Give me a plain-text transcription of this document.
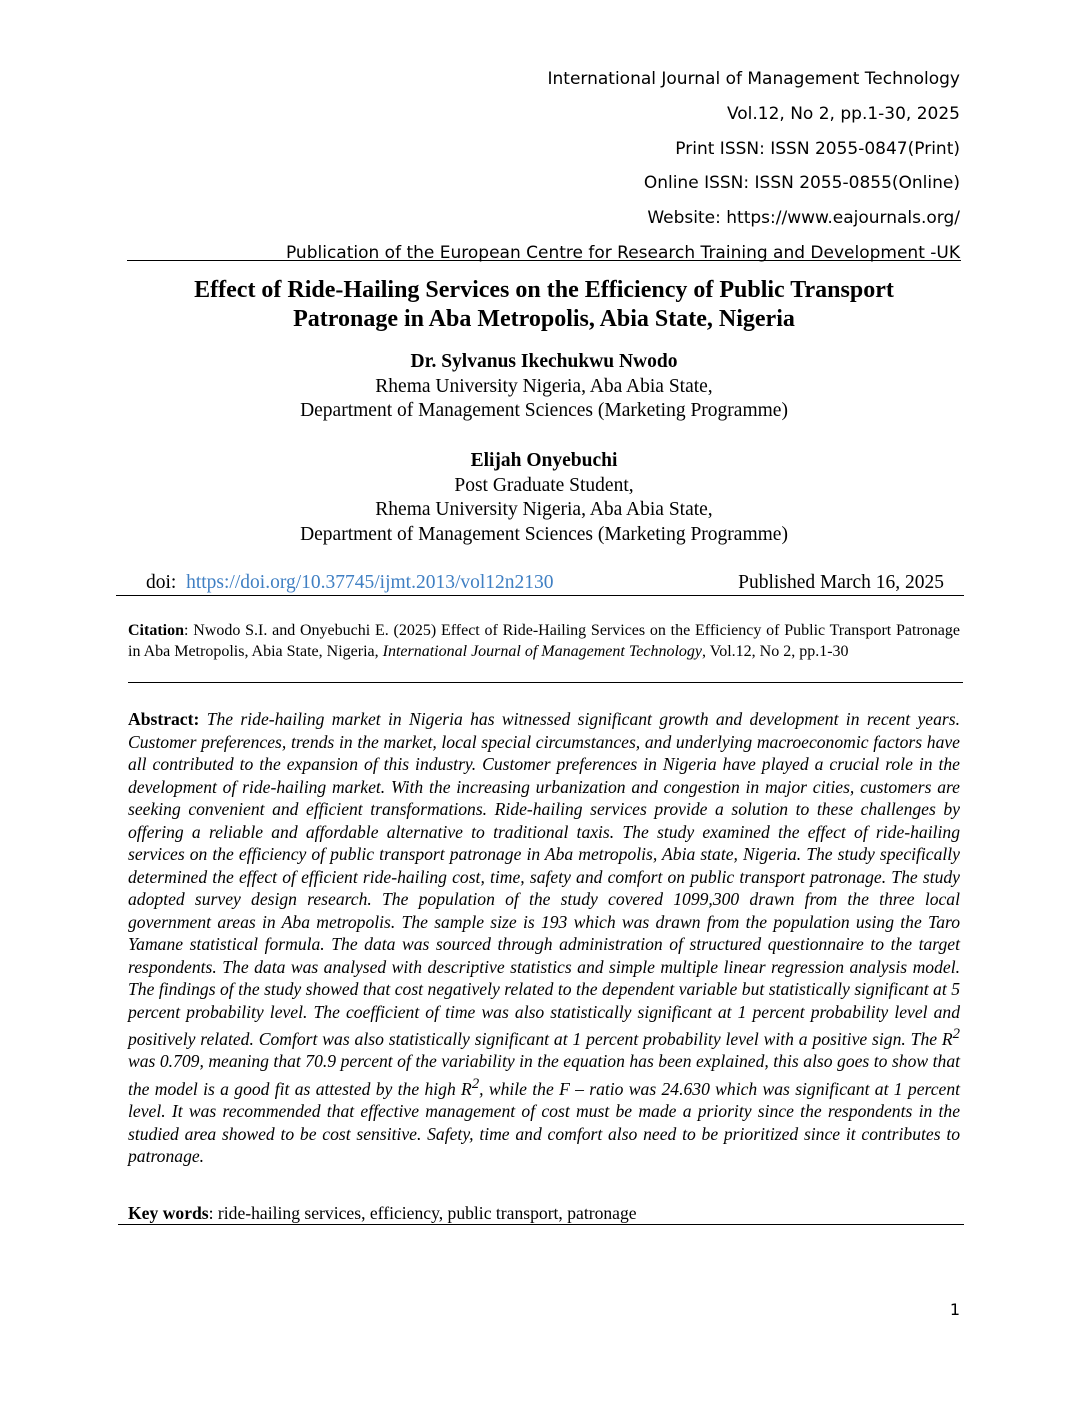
International Journal of Management Technology
Vol.12, No 2, pp.1-30, 2025
Print ISSN: ISSN 2055-0847(Print)
Online ISSN: ISSN 2055-0855(Online)
Website: https://www.eajournals.org/
Publication of the European Centre for Research Training and Development -UK
Effect of Ride-Hailing Services on the Efficiency of Public Transport
Patronage in Aba Metropolis, Abia State, Nigeria
Dr. Sylvanus Ikechukwu Nwodo
Rhema University Nigeria, Aba Abia State,
Department of Management Sciences (Marketing Programme)
Elijah Onyebuchi
Post Graduate Student,
Rhema University Nigeria, Aba Abia State,
Department of Management Sciences (Marketing Programme)
doi: https://doi.org/10.37745/ijmt.2013/vol12n2130	Published March 16, 2025
Citation: Nwodo S.I. and Onyebuchi E. (2025) Effect of Ride-Hailing Services on the Efficiency of Public Transport Patronage in Aba Metropolis, Abia State, Nigeria, International Journal of Management Technology, Vol.12, No 2, pp.1-30
Abstract: The ride-hailing market in Nigeria has witnessed significant growth and development in recent years. Customer preferences, trends in the market, local special circumstances, and underlying macroeconomic factors have all contributed to the expansion of this industry. Customer preferences in Nigeria have played a crucial role in the development of ride-hailing market. With the increasing urbanization and congestion in major cities, customers are seeking convenient and efficient transformations. Ride-hailing services provide a solution to these challenges by offering a reliable and affordable alternative to traditional taxis. The study examined the effect of ride-hailing services on the efficiency of public transport patronage in Aba metropolis, Abia state, Nigeria. The study specifically determined the effect of efficient ride-hailing cost, time, safety and comfort on public transport patronage. The study adopted survey design research. The population of the study covered 1099,300 drawn from the three local government areas in Aba metropolis. The sample size is 193 which was drawn from the population using the Taro Yamane statistical formula. The data was sourced through administration of structured questionnaire to the target respondents. The data was analysed with descriptive statistics and simple multiple linear regression analysis model. The findings of the study showed that cost negatively related to the dependent variable but statistically significant at 5 percent probability level. The coefficient of time was also statistically significant at 1 percent probability level and positively related. Comfort was also statistically significant at 1 percent probability level with a positive sign. The $R^2$ was 0.709, meaning that 70.9 percent of the variability in the equation has been explained, this also goes to show that the model is a good fit as attested by the high $R^2$, while the F – ratio was 24.630 which was significant at 1 percent level. It was recommended that effective management of cost must be made a priority since the respondents in the studied area showed to be cost sensitive. Safety, time and comfort also need to be prioritized since it contributes to patronage.
Key words: ride-hailing services, efficiency, public transport, patronage
1
